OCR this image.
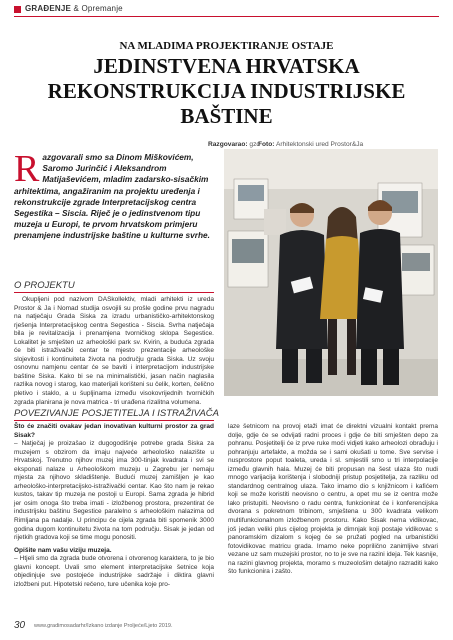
GRAĐENJE & Opremanje
NA MLADIMA PROJEKTIRANJE OSTAJE
JEDINSTVENA HRVATSKA
REKONSTRUKCIJA INDUSTRIJSKE
BAŠTINE
Razgovarao: gzd
Foto: Arhitektonski ured Prostor&Ja

Razgovarali smo sa Dinom Miškovićem, Saromo Jurinčić i Aleksandrom Matijaševićem, mladim zadarsko-sisačkim arhitektima, angažiranim na projektu uređenja i rekonstrukcije zgrade Interpretacijskog centra Segestika – Siscia. Riječ je o jedinstvenom tipu muzeja u Europi, te prvom hrvatskom primjeru prenamjene industrijske baštine u kulturne svrhe.

O PROJEKTU

Okupljeni pod nazivom DASkollektiv, mladi arhitekti iz ureda Prostor & Ja i Nomad studija osvojili su prošle godine prvu nagradu na natječaju Grada Siska za izradu urbanističko-arhitektonskog rješenja Interpretacijskog centra Segestica - Siscia. Svrha natječaja bila je revitalizacija i prenamjena tvorničkog sklopa Segestice. Lokalitet je smješten uz arheološki park sv. Kvirin, a buduća zgrada će biti istraživački centar te mjesto prezentacije arheološke slojevitosti i kontinuiteta života na području grada Siska. Uz svoju osnovnu namjenu centar će se baviti i interpretacijom industrijske baštine Siska. Kako bi se na minimalistički, jasan način naglasila razlika novog i starog, kao materijali korišteni su čelik, korten, čelično pletivo i staklo, a u šupljinama između visokovrijednih tvorničkih zgrada planirana je nova matrica - tri urađena rizalitna volumena.

POVEZIVANJE POSJETITELJA I ISTRAŽIVAČA

Što će značiti ovakav jedan inovativan kulturni prostor za grad Sisak?

– Natječaj je proizašao iz dugogodišnje potrebe grada Siska za muzejem s obzirom da imaju najveće arheološko nalazište u Hrvatskoj. Trenutno njihov muzej ima 300-tinjak kvadrata i svi se eksponati nalaze u Arheološkom muzeju u Zagrebu jer nemaju mjesta za njihovo skladištenje. Budući muzej zamišljen je kao arheološko-interpretacijsko-istraživački centar. Kao što nam je rekao kustos, takav tip muzeja ne postoji u Europi. Sama zgrada je hibrid jer osim onoga što treba imati - izložbenog prostora, prezentirat će industrijsku baštinu Segestice paralelno s arheološkim nalazima od Rimljana pa nadalje. U principu će cijela zgrada biti spomenik 3000 godina dugom kontinuitetu života na tom području. Sisak je jedan od rijetkih gradova koji se time mogu ponositi.

Opišite nam vašu viziju muzeja.

– Htjeli smo da zgrada bude otvorena i otvorenog karaktera, to je bio glavni koncept. Uvali smo element interpretacijske šetnice koja objedinjuje sve postojeće industrijske sadržaje i diktira glavni izložbeni put. Hipotetski rečeno, ture učenika koje pro-

laze šetnicom na provoj etaži imat će direktni vizualni kontakt prema dolje, gdje će se odvijati radni proces i gdje će biti smješten depo za pohranu. Posjetitelji će iz prve ruke moći vidjeti kako arheolozi obrađuju i pohranjuju artefakte, a možda se i sami okušati u tome. Sve servise i nusprostore poput toaleta, ureda i sl. smjestili smo u tri interpolacije između glavnih hala. Muzej će biti propusan na šest ulaza što nudi mnogo varijacija korištenja i slobodniji pristup posjetitelja, za razliku od standardnog centralnog ulaza. Tako imamo dio s knjižnicom i kafićem koji se može koristiti neovisno o centru, a opet mu se iz centra može lako pristupiti. Neovisno o radu centra, funkcionirat će i konferencijska dvorana s pokretnom tribinom, smještena u 300 kvadrata velikom multifunkcionalnom izložbenom prostoru. Kako Sisak nema vidikovac, još jedan veliki plus cijelog projekta je dimnjak koji postaje vidikovac s panoramskim dizalom s kojeg će se pružati pogled na urbanistički fotovidikovac matricu grada. Imamo neke poprilično zanimljive stvari vezane uz sam muzejski prostor, no to je sve na razini ideja. Tek kasnije, na razini glavnog projekta, moramo s muzeološim detaljno razraditi kako što funkcionira i zašto.

30 www.gradimosadarhr/Izkano izdanje Proljeće/Ljeto 2019.
